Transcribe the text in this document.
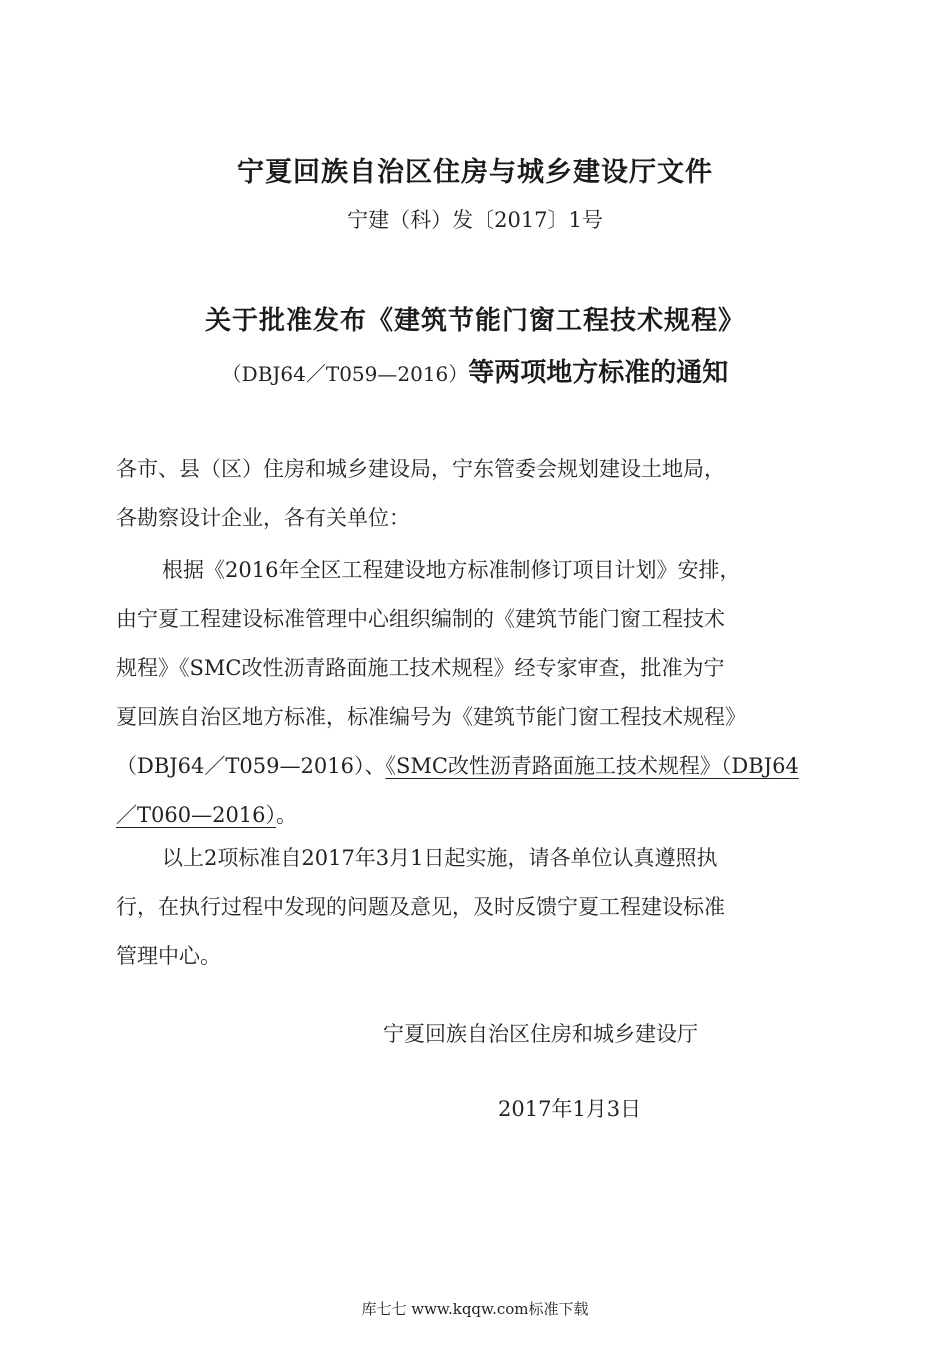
宁夏回族自治区住房与城乡建设厅文件
宁建（科）发〔2017〕1号
关于批准发布《建筑节能门窗工程技术规程》
（DBJ64／T059—2016）等两项地方标准的通知
各市、县（区）住房和城乡建设局，宁东管委会规划建设土地局，
各勘察设计企业，各有关单位：
根据《2016年全区工程建设地方标准制修订项目计划》安排，
由宁夏工程建设标准管理中心组织编制的《建筑节能门窗工程技术
规程》《SMC改性沥青路面施工技术规程》经专家审查，批准为宁
夏回族自治区地方标准，标准编号为《建筑节能门窗工程技术规程》
（DBJ64／T059—2016）、《SMC改性沥青路面施工技术规程》（DBJ64
／T060—2016）。
以上2项标准自2017年3月1日起实施，请各单位认真遵照执
行，在执行过程中发现的问题及意见，及时反馈宁夏工程建设标准
管理中心。
宁夏回族自治区住房和城乡建设厅
2017年1月3日
库七七 www.kqqw.com标准下载
